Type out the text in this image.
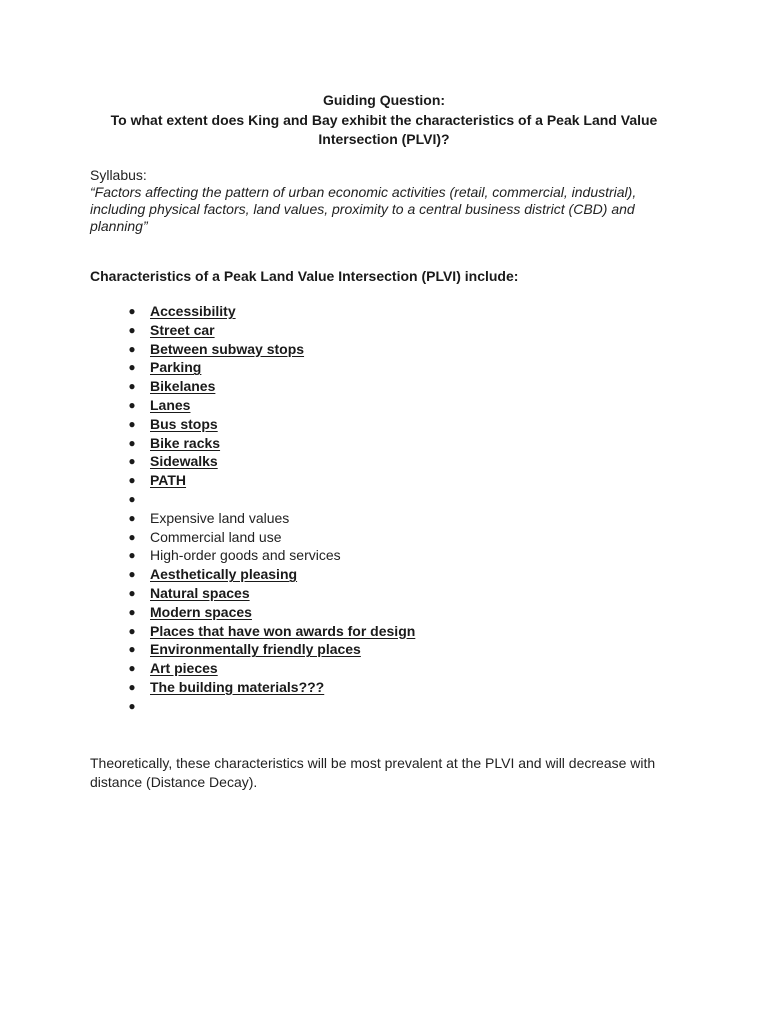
Guiding Question:
To what extent does King and Bay exhibit the characteristics of a Peak Land Value
Intersection (PLVI)?
Syllabus:
“Factors affecting the pattern of urban economic activities (retail, commercial, industrial), including physical factors, land values, proximity to a central business district (CBD) and planning”
Characteristics of a Peak Land Value Intersection (PLVI) include:
● Accessibility
● Street car
● Between subway stops
● Parking
● Bikelanes
● Lanes
● Bus stops
● Bike racks
● Sidewalks
● PATH
●
● Expensive land values
● Commercial land use
● High-order goods and services
● Aesthetically pleasing
● Natural spaces
● Modern spaces
● Places that have won awards for design
● Environmentally friendly places
● Art pieces
● The building materials???
●
Theoretically, these characteristics will be most prevalent at the PLVI and will decrease with distance (Distance Decay).
